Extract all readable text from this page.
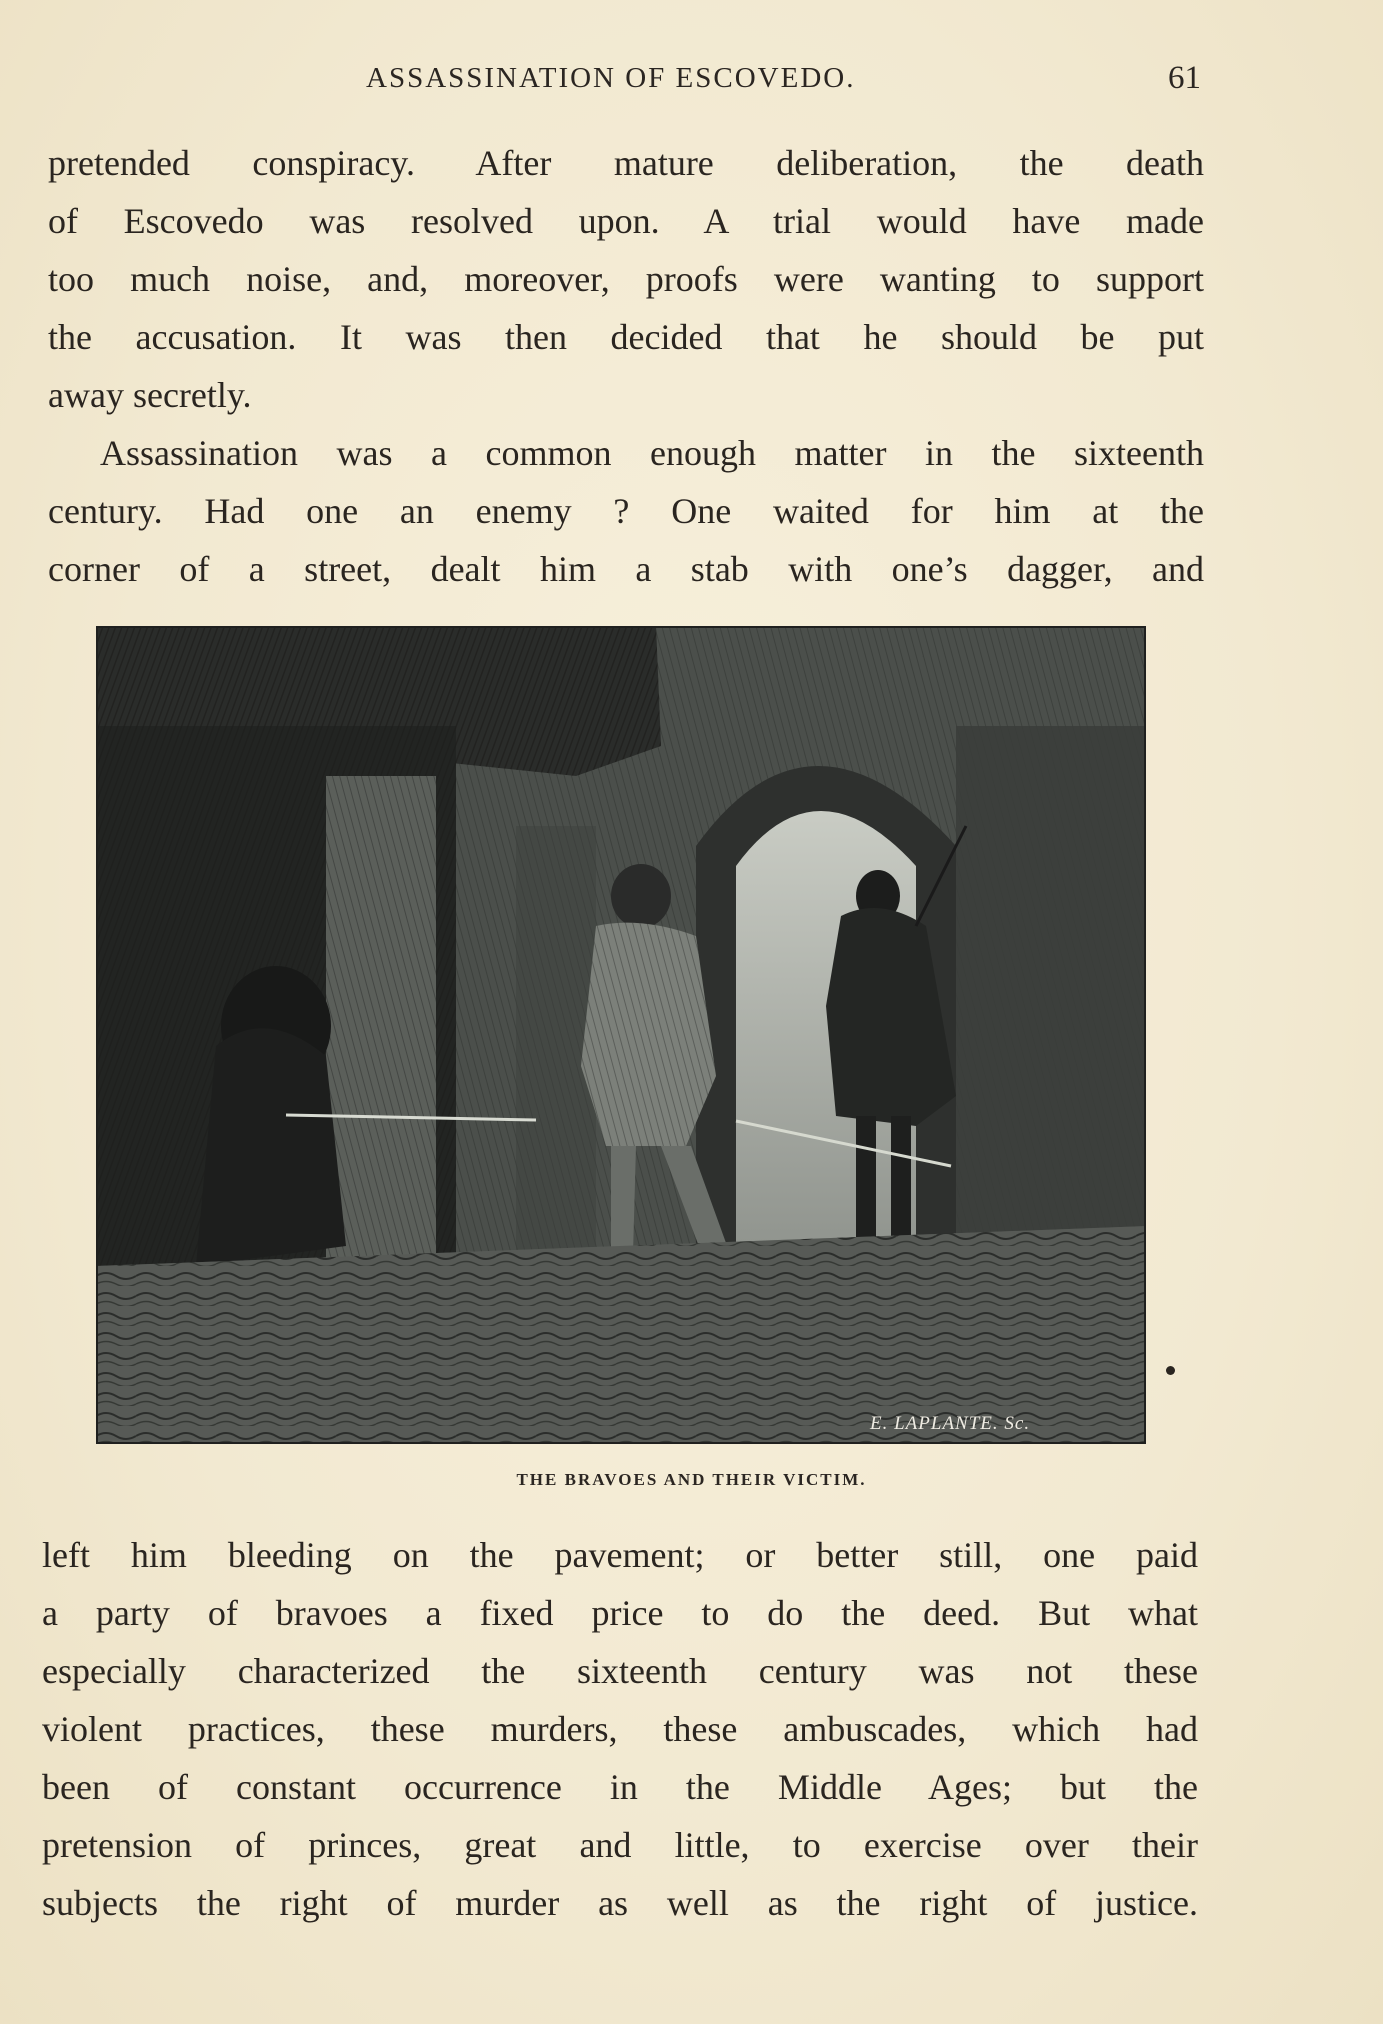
ASSASSINATION OF ESCOVEDO.	61
pretended conspiracy. After mature deliberation, the death
of Escovedo was resolved upon. A trial would have made
too much noise, and, moreover, proofs were wanting to support
the accusation. It was then decided that he should be put
away secretly.
Assassination was a common enough matter in the sixteenth
century. Had one an enemy ? One waited for him at the
corner of a street, dealt him a stab with one’s dagger, and
E. LAPLANTE. Sc.
THE BRAVOES AND THEIR VICTIM.
left him bleeding on the pavement; or better still, one paid
a party of bravoes a fixed price to do the deed. But what
especially characterized the sixteenth century was not these
violent practices, these murders, these ambuscades, which had
been of constant occurrence in the Middle Ages; but the
pretension of princes, great and little, to exercise over their
subjects the right of murder as well as the right of justice.
